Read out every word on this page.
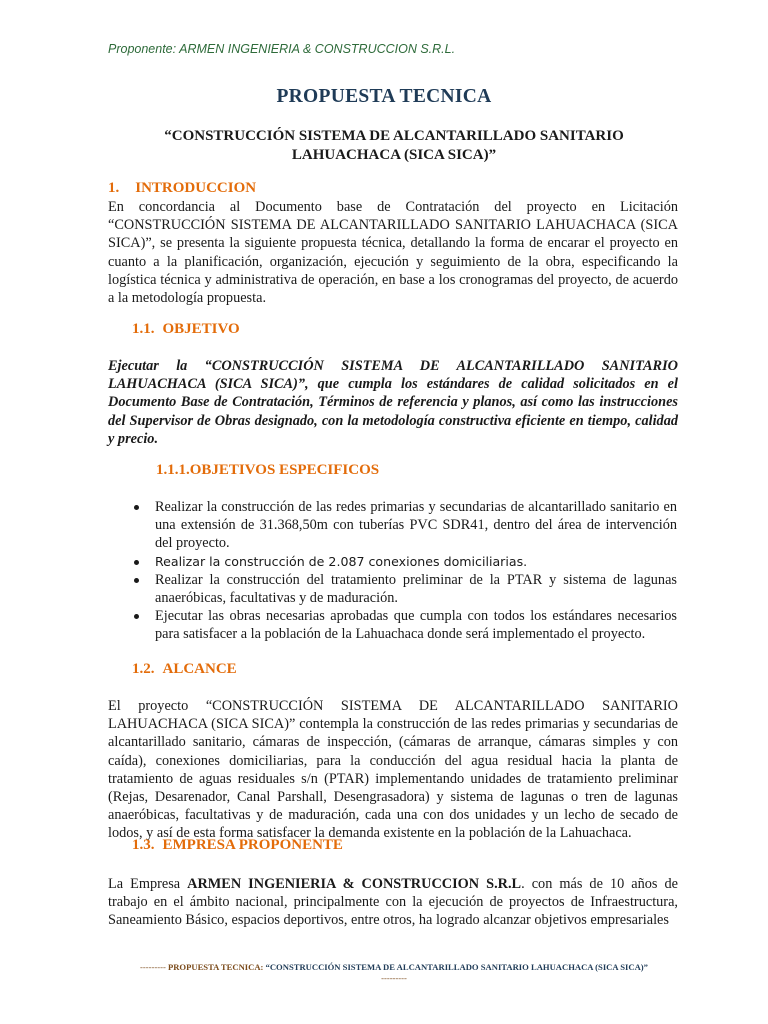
Proponente: ARMEN INGENIERIA & CONSTRUCCION S.R.L.
PROPUESTA TECNICA
“CONSTRUCCIÓN SISTEMA DE ALCANTARILLADO SANITARIO LAHUACHACA (SICA SICA)”
1. INTRODUCCION
En concordancia al Documento base de Contratación del proyecto en Licitación “CONSTRUCCIÓN SISTEMA DE ALCANTARILLADO SANITARIO LAHUACHACA (SICA SICA)”, se presenta la siguiente propuesta técnica, detallando la forma de encarar el proyecto en cuanto a la planificación, organización, ejecución y seguimiento de la obra, especificando la logística técnica y administrativa de operación, en base a los cronogramas del proyecto, de acuerdo a la metodología propuesta.
1.1. OBJETIVO
Ejecutar la “CONSTRUCCIÓN SISTEMA DE ALCANTARILLADO SANITARIO LAHUACHACA (SICA SICA)”, que cumpla los estándares de calidad solicitados en el Documento Base de Contratación, Términos de referencia y planos, así como las instrucciones del Supervisor de Obras designado, con la metodología constructiva eficiente en tiempo, calidad y precio.
1.1.1.OBJETIVOS ESPECIFICOS
Realizar la construcción de las redes primarias y secundarias de alcantarillado sanitario en una extensión de 31.368,50m con tuberías PVC SDR41, dentro del área de intervención del proyecto.
Realizar la construcción de 2.087 conexiones domiciliarias.
Realizar la construcción del tratamiento preliminar de la PTAR y sistema de lagunas anaeróbicas, facultativas y de maduración.
Ejecutar las obras necesarias aprobadas que cumpla con todos los estándares necesarios para satisfacer a la población de la Lahuachaca donde será implementado el proyecto.
1.2. ALCANCE
El proyecto “CONSTRUCCIÓN SISTEMA DE ALCANTARILLADO SANITARIO LAHUACHACA (SICA SICA)” contempla la construcción de las redes primarias y secundarias de alcantarillado sanitario, cámaras de inspección, (cámaras de arranque, cámaras simples y con caída), conexiones domiciliarias, para la conducción del agua residual hacia la planta de tratamiento de aguas residuales s/n (PTAR) implementando unidades de tratamiento preliminar (Rejas, Desarenador, Canal Parshall, Desengrasadora) y sistema de lagunas o tren de lagunas anaeróbicas, facultativas y de maduración, cada una con dos unidades y un lecho de secado de lodos, y así de esta forma satisfacer la demanda existente en la población de la Lahuachaca.
1.3. EMPRESA PROPONENTE
La Empresa ARMEN INGENIERIA & CONSTRUCCION S.R.L. con más de 10 años de trabajo en el ámbito nacional, principalmente con la ejecución de proyectos de Infraestructura, Saneamiento Básico, espacios deportivos, entre otros, ha logrado alcanzar objetivos empresariales
--------- PROPUESTA TECNICA: “CONSTRUCCIÓN SISTEMA DE ALCANTARILLADO SANITARIO LAHUACHACA (SICA SICA)”
---------
